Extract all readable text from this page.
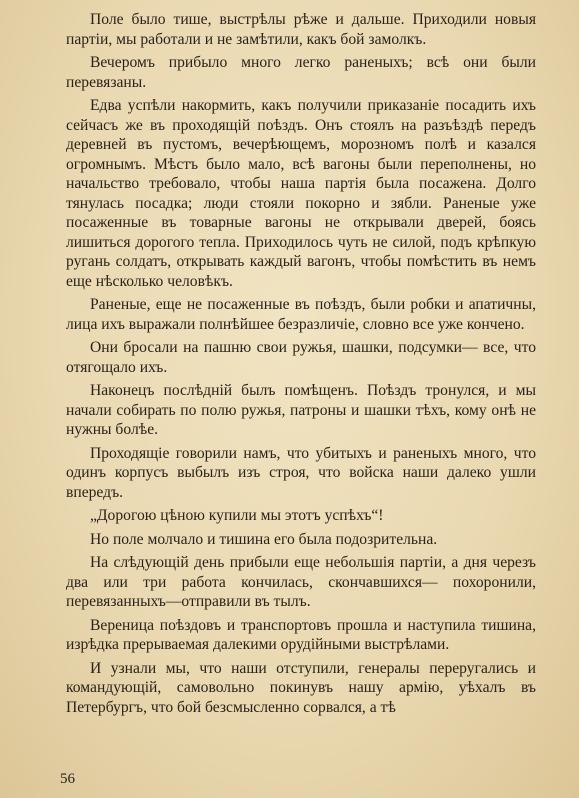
Поле было тише, выстрѣлы рѣже и дальше. Приходили новыя партіи, мы работали и не замѣтили, какъ бой замолкъ.

Вечеромъ прибыло много легко раненыхъ; всѣ они были перевязаны.

Едва успѣли накормить, какъ получили приказаніе посадить ихъ сейчасъ же въ проходящій поѣздъ. Онъ стоялъ на разъѣздѣ передъ деревней въ пустомъ, вечерѣющемъ, морозномъ полѣ и казался огромнымъ. Мѣстъ было мало, всѣ вагоны были переполнены, но начальство требовало, чтобы наша партія была посажена. Долго тянулась посадка; люди стояли покорно и зябли. Раненые уже посаженные въ товарные вагоны не открывали дверей, боясь лишиться дорогого тепла. Приходилось чуть не силой, подъ крѣпкую ругань солдатъ, открывать каждый вагонъ, чтобы помѣстить въ немъ еще нѣсколько человѣкъ.

Раненые, еще не посаженные въ поѣздъ, были робки и апатичны, лица ихъ выражали полнѣйшее безразличіе, словно все уже кончено.

Они бросали на пашню свои ружья, шашки, подсумки— все, что отягощало ихъ.

Наконецъ послѣдній былъ помѣщенъ. Поѣздъ тронулся, и мы начали собирать по полю ружья, патроны и шашки тѣхъ, кому онѣ не нужны болѣе.

Проходящіе говорили намъ, что убитыхъ и раненыхъ много, что одинъ корпусъ выбылъ изъ строя, что войска наши далеко ушли впередъ.

„Дорогою цѣною купили мы этотъ успѣхъ“!

Но поле молчало и тишина его была подозрительна.

На слѣдующій день прибыли еще небольшія партіи, а дня черезъ два или три работа кончилась, скончавшихся— похоронили, перевязанныхъ—отправили въ тылъ.

Вереница поѣздовъ и транспортовъ прошла и наступила тишина, изрѣдка прерываемая далекими орудійными выстрѣлами.

И узнали мы, что наши отступили, генералы переругались и командующій, самовольно покинувъ нашу армію, уѣхалъ въ Петербургъ, что бой безсмысленно сорвался, а тѣ

56
